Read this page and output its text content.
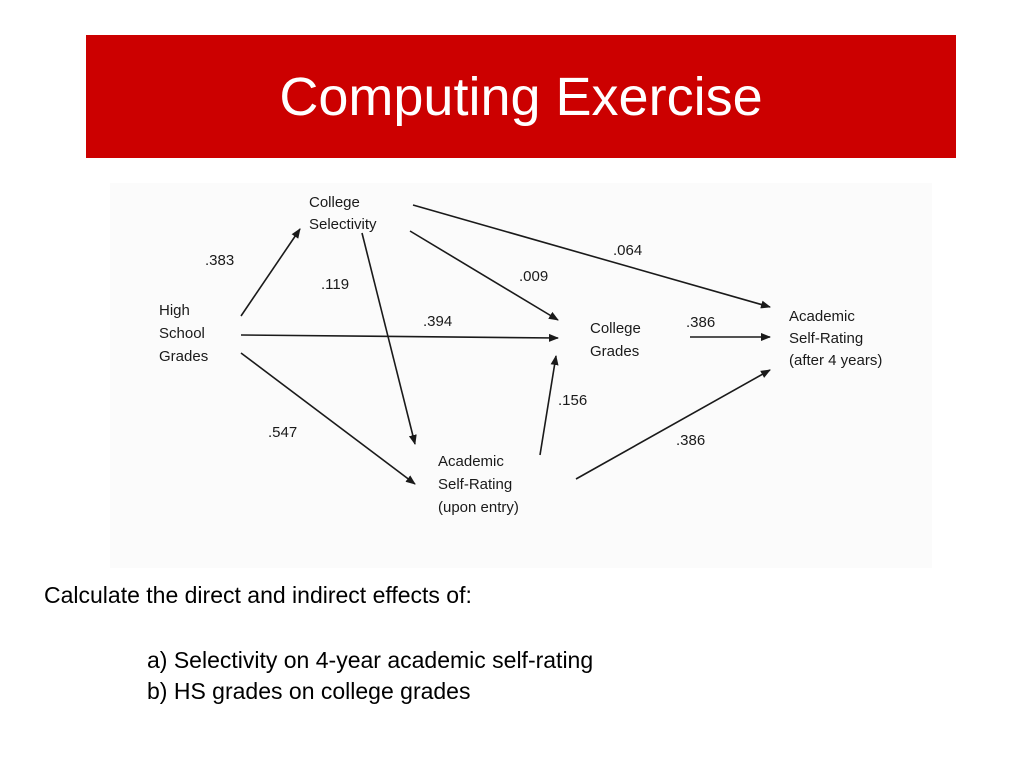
Computing Exercise
High
School
Grades
College
Selectivity
College
Grades
Academic
Self-Rating
(upon entry)
Academic
Self-Rating
(after 4 years)
.383
.119
.394
.009
.064
.386
.156
.547	.386

Calculate the direct and indirect effects of:

a) Selectivity on 4-year academic self-rating
b) HS grades on college grades
